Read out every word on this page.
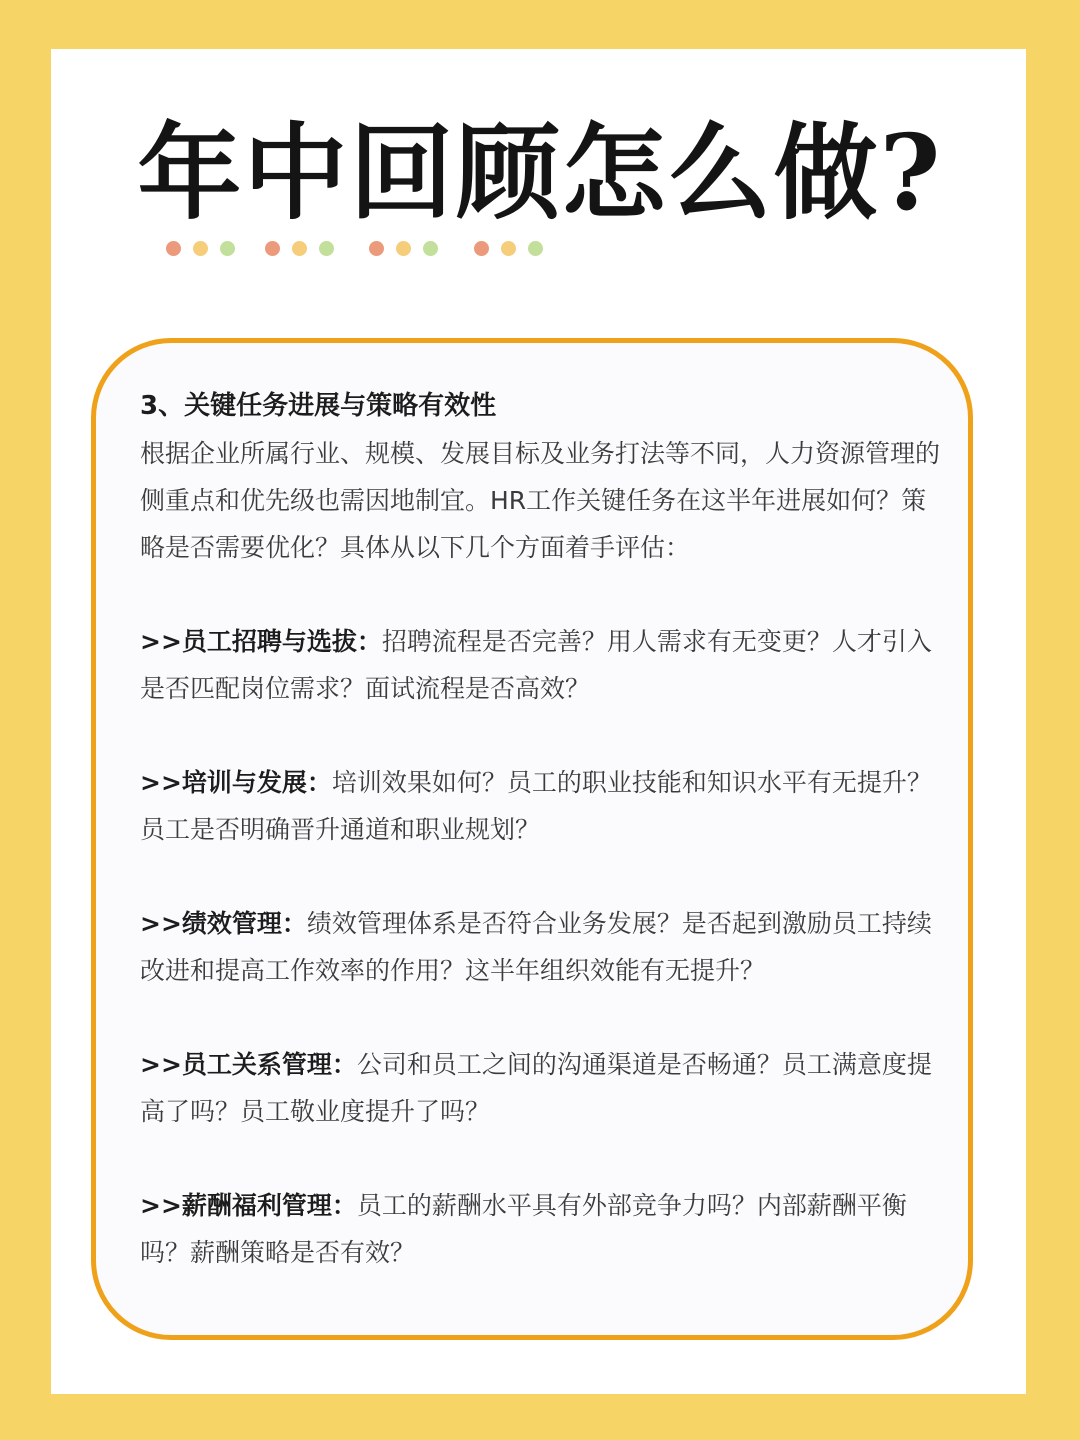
年中回顾怎么做?

3、关键任务进展与策略有效性

根据企业所属行业、规模、发展目标及业务打法等不同，人力资源管理的侧重点和优先级也需因地制宜。HR工作关键任务在这半年进展如何？策略是否需要优化？具体从以下几个方面着手评估：

>>员工招聘与选拔：招聘流程是否完善？用人需求有无变更？人才引入是否匹配岗位需求？面试流程是否高效？

>>培训与发展：培训效果如何？员工的职业技能和知识水平有无提升？员工是否明确晋升通道和职业规划？

>>绩效管理：绩效管理体系是否符合业务发展？是否起到激励员工持续改进和提高工作效率的作用？这半年组织效能有无提升？

>>员工关系管理：公司和员工之间的沟通渠道是否畅通？员工满意度提高了吗？员工敬业度提升了吗？

>>薪酬福利管理：员工的薪酬水平具有外部竞争力吗？内部薪酬平衡吗？薪酬策略是否有效？
